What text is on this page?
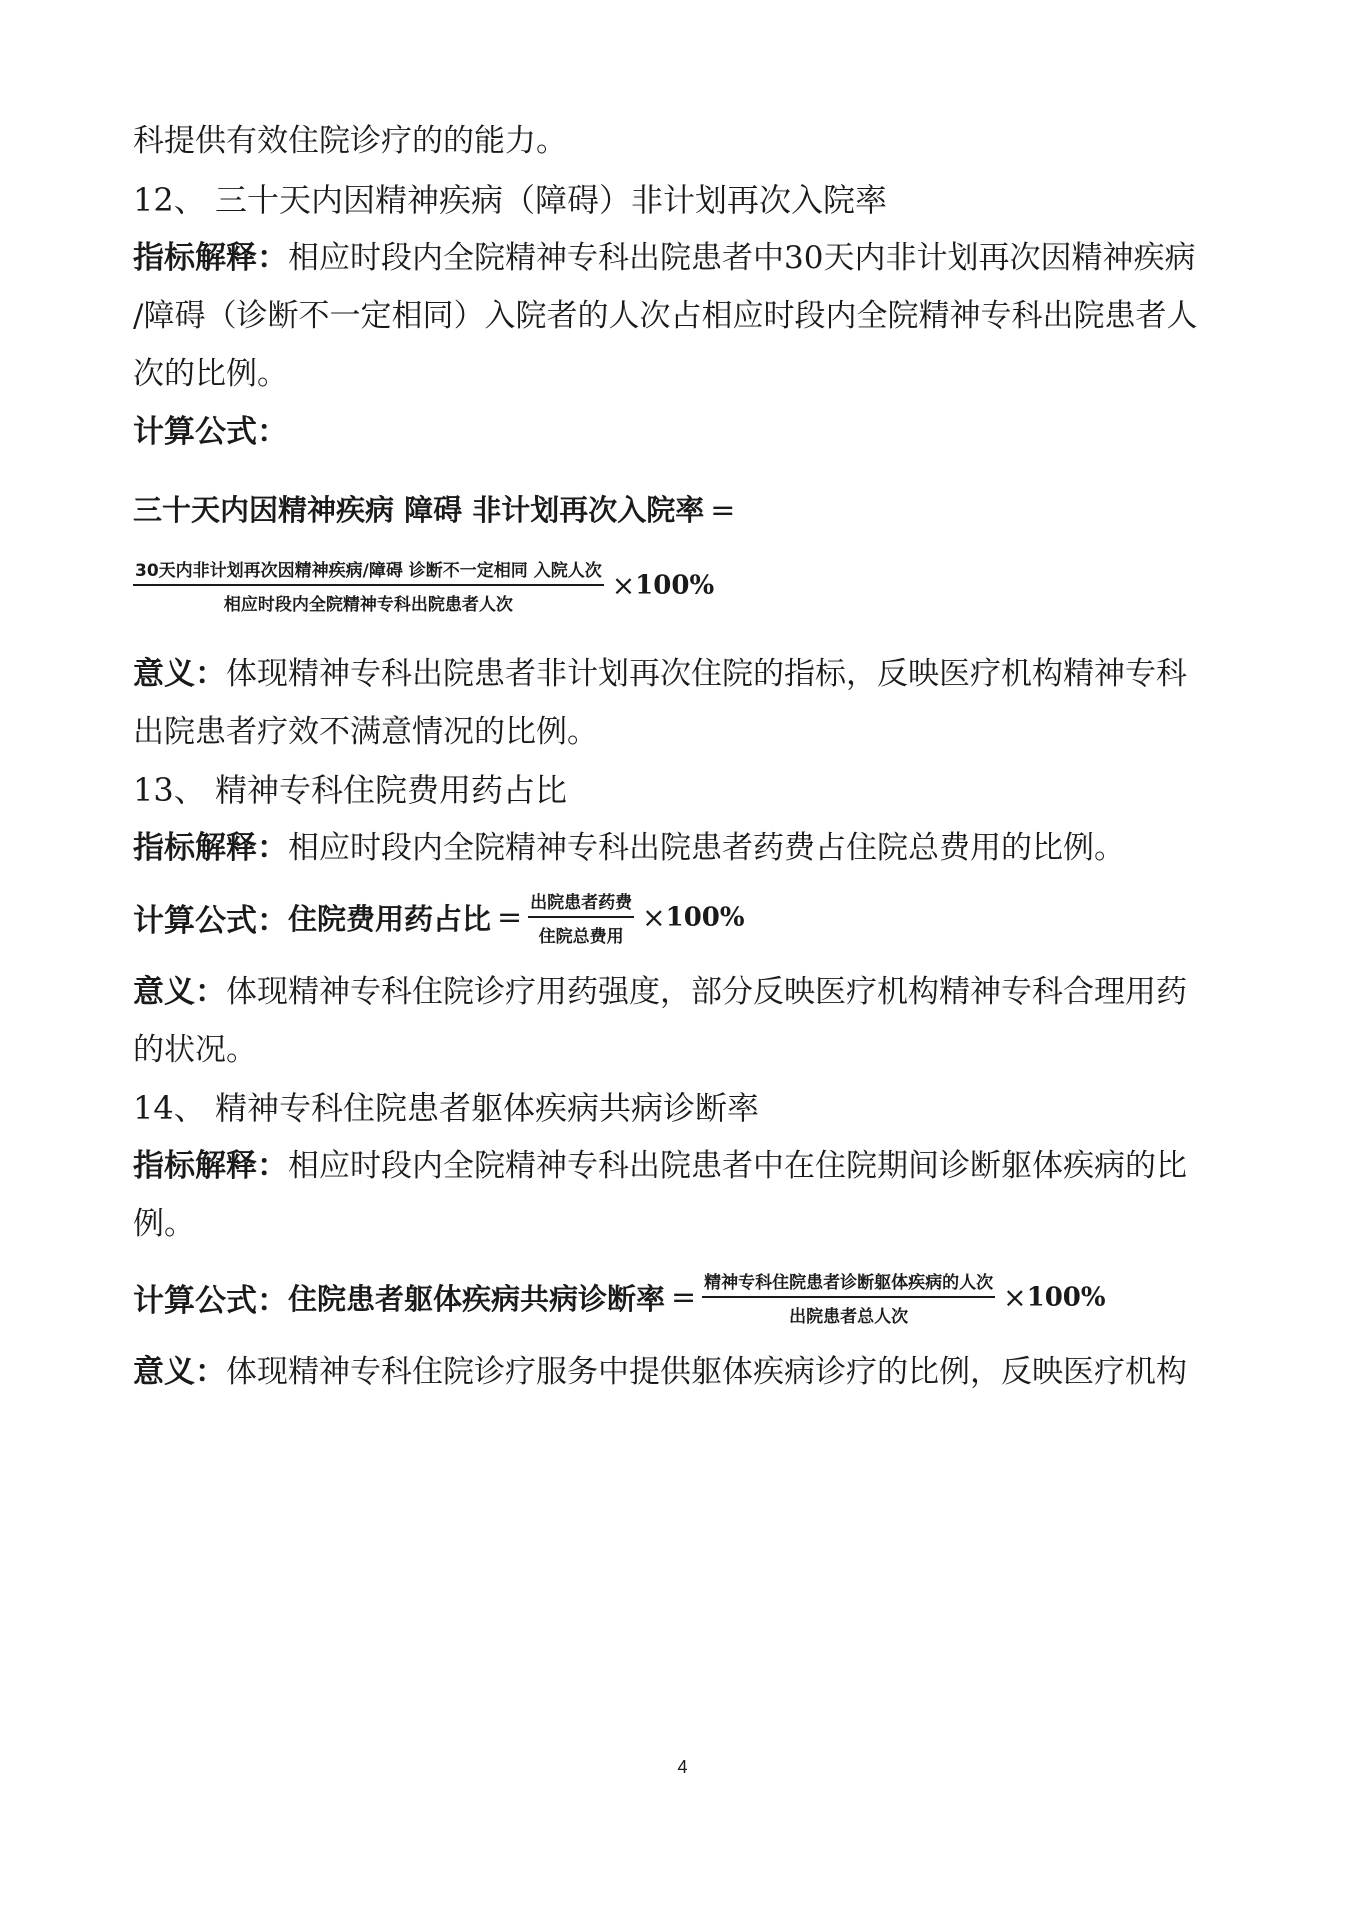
科提供有效住院诊疗的的能力。
12、 三十天内因精神疾病（障碍）非计划再次入院率
指标解释：相应时段内全院精神专科出院患者中30天内非计划再次因精神疾病
/障碍（诊断不一定相同）入院者的人次占相应时段内全院精神专科出院患者人
次的比例。
计算公式：
三十天内因精神疾病 障碍 非计划再次入院率 =
$\frac{\text{30天内非计划再次因精神疾病/障碍 诊断不一定相同 入院人次}}{\text{相应时段内全院精神专科出院患者人次}} \times 100\%$
意义：体现精神专科出院患者非计划再次住院的指标，反映医疗机构精神专科
出院患者疗效不满意情况的比例。
13、 精神专科住院费用药占比
指标解释：相应时段内全院精神专科出院患者药费占住院总费用的比例。
计算公式：住院费用药占比 = $\frac{\text{出院患者药费}}{\text{住院总费用}} \times 100\%$
意义：体现精神专科住院诊疗用药强度，部分反映医疗机构精神专科合理用药
的状况。
14、 精神专科住院患者躯体疾病共病诊断率
指标解释：相应时段内全院精神专科出院患者中在住院期间诊断躯体疾病的比
例。
计算公式：住院患者躯体疾病共病诊断率 = $\frac{\text{精神专科住院患者诊断躯体疾病的人次}}{\text{出院患者总人次}} \times 100\%$
意义：体现精神专科住院诊疗服务中提供躯体疾病诊疗的比例，反映医疗机构
4
